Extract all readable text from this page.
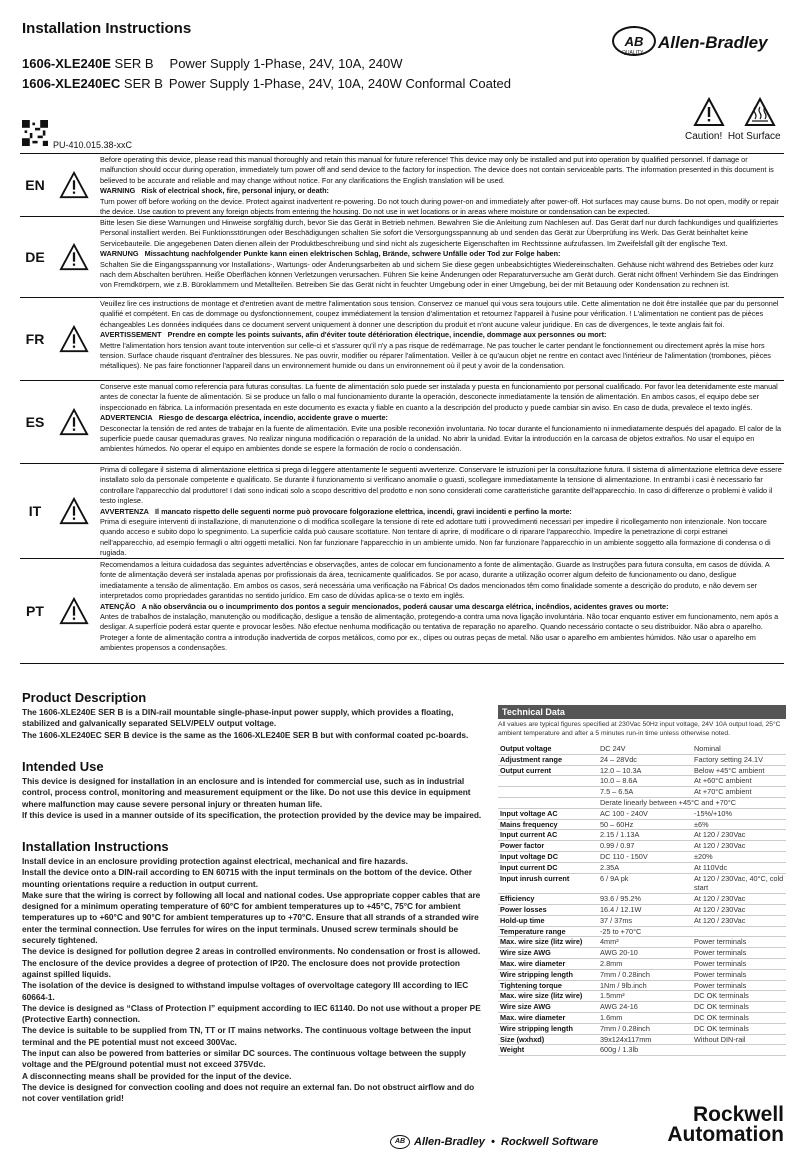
Installation Instructions
AB
QUALITY
Allen-Bradley
1606-XLE240E SER B Power Supply 1-Phase, 24V, 10A, 240W
1606-XLE240EC SER B Power Supply 1-Phase, 24V, 10A, 240W Conformal Coated
PU-410.015.38-xxC
Caution! Hot Surface
EN
Before operating this device, please read this manual thoroughly and retain this manual for future reference! This device may only be installed and put into operation by qualified personnel. If damage or malfunction should occur during operation, immediately turn power off and send device to the factory for inspection. The device does not contain serviceable parts. The information presented in this document is believed to be accurate and reliable and may change without notice. For any clarifications the English translation will be used.
WARNING Risk of electrical shock, fire, personal injury, or death:
Turn power off before working on the device. Protect against inadvertent re-powering. Do not touch during power-on and immediately after power-off. Hot surfaces may cause burns. Do not open, modify or repair the device. Use caution to prevent any foreign objects from entering the housing. Do not use in wet locations or in areas where moisture or condensation can be expected.
DE
Bitte lesen Sie diese Warnungen und Hinweise sorgfältig durch, bevor Sie das Gerät in Betrieb nehmen. Bewahren Sie die Anleitung zum Nachlesen auf. Das Gerät darf nur durch fachkundiges und qualifiziertes Personal installiert werden. Bei Funktionsstörungen oder Beschädigungen schalten Sie sofort die Versorgungsspannung ab und senden das Gerät zur Überprüfung ins Werk. Das Gerät beinhaltet keine Servicebauteile. Die angegebenen Daten dienen allein der Produktbeschreibung und sind nicht als zugesicherte Eigenschaften im Rechtssinne aufzufassen. Im Zweifelsfall gilt der englische Text.
WARNUNG Missachtung nachfolgender Punkte kann einen elektrischen Schlag, Brände, schwere Unfälle oder Tod zur Folge haben:
Schalten Sie die Eingangsspannung vor Installations-, Wartungs- oder Änderungsarbeiten ab und sichern Sie diese gegen unbeabsichtigtes Wiedereinschalten. Gehäuse nicht während des Betriebes oder kurz nach dem Abschalten berühren. Heiße Oberflächen können Verletzungen verursachen. Führen Sie keine Änderungen oder Reparaturversuche am Gerät durch. Gerät nicht öffnen! Verhindern Sie das Eindringen von Fremdkörpern, wie z.B. Büroklammern und Metallteilen. Betreiben Sie das Gerät nicht in feuchter Umgebung oder in einer Umgebung, bei der mit Betauung oder Kondensation zu rechnen ist.
FR
Veuillez lire ces instructions de montage et d'entretien avant de mettre l'alimentation sous tension. Conservez ce manuel qui vous sera toujours utile. Cette alimentation ne doit être installée que par du personnel qualifié et compétent. En cas de dommage ou dysfonctionnement, coupez immédiatement la tension d'alimentation et retournez l'appareil à l'usine pour vérification. ! L'alimentation ne contient pas de pièces échangeables Les données indiquées dans ce document servent uniquement à donner une description du produit et n'ont aucune valeur juridique. En cas de divergences, le texte anglais fait foi.
AVERTISSEMENT Prendre en compte les points suivants, afin d'éviter toute détérioration électrique, incendie, dommage aux personnes ou mort:
Mettre l'alimentation hors tension avant toute intervention sur celle-ci et s'assurer qu'il n'y a pas risque de redémarrage. Ne pas toucher le carter pendant le fonctionnement ou directement après la mise hors tension. Surface chaude risquant d'entraîner des blessures. Ne pas ouvrir, modifier ou réparer l'alimentation. Veiller à ce qu'aucun objet ne rentre en contact avec l'intérieur de l'alimentation (trombones, pièces métalliques). Ne pas faire fonctionner l'appareil dans un environnement humide ou dans un environnement où il peut y avoir de la condensation.
ES
Conserve este manual como referencia para futuras consultas. La fuente de alimentación solo puede ser instalada y puesta en funcionamiento por personal cualificado. Por favor lea detenidamente este manual antes de conectar la fuente de alimentación. Si se produce un fallo o mal funcionamiento durante la operación, desconecte inmediatamente la tensión de alimentación. En ambos casos, el equipo debe ser inspeccionado en fábrica. La información presentada en este documento es exacta y fiable en cuanto a la descripción del producto y puede cambiar sin aviso. En caso de duda, prevalece el texto inglés.
ADVERTENCIA Riesgo de descarga eléctrica, incendio, accidente grave o muerte:
Desconectar la tensión de red antes de trabajar en la fuente de alimentación. Evite una posible reconexión involuntaria. No tocar durante el funcionamiento ni inmediatamente después del apagado. El calor de la superficie puede causar quemaduras graves. No realizar ninguna modificación o reparación de la unidad. No abrir la unidad. Evitar la introducción en la carcasa de objetos extraños. No usar el equipo en ambientes húmedos. No operar el equipo en ambientes donde se espere la formación de rocío o condensación.
IT
Prima di collegare il sistema di alimentazione elettrica si prega di leggere attentamente le seguenti avvertenze. Conservare le istruzioni per la consultazione futura. Il sistema di alimentazione elettrica deve essere installato solo da personale competente e qualificato. Se durante il funzionamento si verificano anomalie o guasti, scollegare immediatamente la tensione di alimentazione. In entrambi i casi è necessario far controllare l'apparecchio dal produttore! I dati sono indicati solo a scopo descrittivo del prodotto e non sono considerati come caratteristiche garantite dell'apparecchio. In caso di differenze o problemi è valido il testo inglese.
AVVERTENZA Il mancato rispetto delle seguenti norme può provocare folgorazione elettrica, incendi, gravi incidenti e perfino la morte:
Prima di eseguire interventi di installazione, di manutenzione o di modifica scollegare la tensione di rete ed adottare tutti i provvedimenti necessari per impedire il ricollegamento non intenzionale. Non toccare quando acceso e subito dopo lo spegnimento. La superficie calda può causare scottature. Non tentare di aprire, di modificare o di riparare l'apparecchio. Impedire la penetrazione di corpi estranei nell'apparecchio, ad esempio fermagli o altri oggetti metallici. Non far funzionare l'apparecchio in un ambiente umido. Non far funzionare l'apparecchio in un ambiente soggetto alla formazione di condensa o di rugiada.
PT
Recomendamos a leitura cuidadosa das seguintes advertências e observações, antes de colocar em funcionamento a fonte de alimentação. Guarde as Instruções para futura consulta, em casos de dúvida. A fonte de alimentação deverá ser instalada apenas por profissionais da área, tecnicamente qualificados. Se por acaso, durante a utilização ocorrer algum defeito de funcionamento ou dano, desligue imediatamente a tensão de alimentação. Em ambos os casos, será necessária uma verificação na Fábrica! Os dados mencionados têm como finalidade somente a descrição do produto, e não devem ser interpretados como propriedades garantidas no sentido jurídico. Em caso de dúvidas aplica-se o texto em inglês.
ATENÇÃO A não observância ou o incumprimento dos pontos a seguir mencionados, poderá causar uma descarga elétrica, incêndios, acidentes graves ou morte:
Antes de trabalhos de instalação, manutenção ou modificação, desligue a tensão de alimentação, protegendo-a contra uma nova ligação involuntária. Não tocar enquanto estiver em funcionamento, nem após a desligar. A superfície poderá estar quente e provocar lesões. Não efectue nenhuma modificação ou tentativa de reparação no aparelho. Quando necessário contacte o seu distribuidor. Não abra o aparelho. Proteger a fonte de alimentação contra a introdução inadvertida de corpos metálicos, como por ex., clipes ou outras peças de metal. Não usar o aparelho em ambientes húmidos. Não usar o aparelho em ambientes propensos a condensações.
Product Description

The 1606-XLE240E SER B is a DIN-rail mountable single-phase-input power supply, which provides a floating, stabilized and galvanically separated SELV/PELV output voltage.

The 1606-XLE240EC SER B device is the same as the 1606-XLE240E SER B but with conformal coated pc-boards.

Intended Use

This device is designed for installation in an enclosure and is intended for commercial use, such as in industrial control, process control, monitoring and measurement equipment or the like. Do not use this device in equipment where malfunction may cause severe personal injury or threaten human life.

If this device is used in a manner outside of its specification, the protection provided by the device may be impaired.

Installation Instructions

Install device in an enclosure providing protection against electrical, mechanical and fire hazards.

Install the device onto a DIN-rail according to EN 60715 with the input terminals on the bottom of the device. Other mounting orientations require a reduction in output current.

Make sure that the wiring is correct by following all local and national codes. Use appropriate copper cables that are designed for a minimum operating temperature of 60°C for ambient temperatures up to +45°C, 75°C for ambient temperatures up to +60°C and 90°C for ambient temperatures up to +70°C. Ensure that all strands of a stranded wire enter the terminal connection. Use ferrules for wires on the input terminals. Unused screw terminals should be securely tightened.

The device is designed for pollution degree 2 areas in controlled environments. No condensation or frost is allowed.

The enclosure of the device provides a degree of protection of IP20. The enclosure does not provide protection against spilled liquids.

The isolation of the device is designed to withstand impulse voltages of overvoltage category III according to IEC 60664-1.

The device is designed as “Class of Protection I” equipment according to IEC 61140. Do not use without a proper PE (Protective Earth) connection.

The device is suitable to be supplied from TN, TT or IT mains networks. The continuous voltage between the input terminal and the PE potential must not exceed 300Vac.

The input can also be powered from batteries or similar DC sources. The continuous voltage between the supply voltage and the PE/ground potential must not exceed 375Vdc.

A disconnecting means shall be provided for the input of the device.

The device is designed for convection cooling and does not require an external fan. Do not obstruct airflow and do not cover ventilation grid!

Technical Data
All values are typical figures specified at 230Vac 50Hz input voltage, 24V 10A output load, 25°C ambient temperature and after a 5 minutes run-in time unless otherwise noted.
Output voltage	DC 24V	Nominal
Adjustment range	24 – 28Vdc	Factory setting 24.1V
Output current	12.0 – 10.3A	Below +45°C ambient
	10.0 – 8.6A	At +60°C ambient
	7.5 – 6.5A	At +70°C ambient
	Derate linearly between +45°C and +70°C	
Input voltage AC	AC 100 - 240V	-15%/+10%
Mains frequency	50 – 60Hz	±6%
Input current AC	2.15 / 1.13A	At 120 / 230Vac
Power factor	0.99 / 0.97	At 120 / 230Vac
Input voltage DC	DC 110 - 150V	±20%
Input current DC	2.35A	At 110Vdc
Input inrush current	6 / 9A pk	At 120 / 230Vac, 40°C, cold start
Efficiency	93.6 / 95.2%	At 120 / 230Vac
Power losses	16.4 / 12.1W	At 120 / 230Vac
Hold-up time	37 / 37ms	At 120 / 230Vac
Temperature range	-25 to +70°C	
Max. wire size (litz wire)	4mm²	Power terminals
Wire size AWG	AWG 20-10	Power terminals
Max. wire diameter	2.8mm	Power terminals
Wire stripping length	7mm / 0.28inch	Power terminals
Tightening torque	1Nm / 9lb.inch	Power terminals
Max. wire size (litz wire)	1.5mm²	DC OK terminals
Wire size AWG	AWG 24-16	DC OK terminals
Max. wire diameter	1.6mm	DC OK terminals
Wire stripping length	7mm / 0.28inch	DC OK terminals
Size (wxhxd)	39x124x117mm	Without DIN-rail
Weight	600g / 1.3lb	
AB Allen-Bradley • Rockwell Software
Rockwell
Automation
